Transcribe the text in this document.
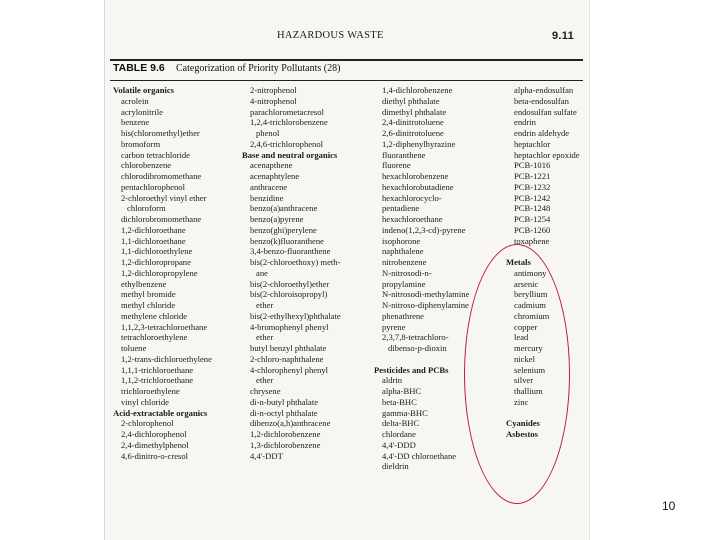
HAZARDOUS WASTE	9.11
TABLE 9.6 Categorization of Priority Pollutants (28)
Volatile organics
acrolein
acrylonitrile
benzene
bis(chloromethyl)ether
bromoform
carbon tetrachloride
chlorobenzene
chlorodibromomethane
pentachlorophenol
2-chloroethyl vinyl ether
chloroform
dichlorobromomethane
1,2-dichloroethane
1,1-dichloroethane
1,1-dichloroethylene
1,2-dichloropropane
1,2-dichloropropylene
ethylbenzene
methyl bromide
methyl chloride
methylene chloride
1,1,2,3-tetrachloroethane
tetrachloroethylene
toluene
1,2-trans-dichloroethylene
1,1,1-trichloroethane
1,1,2-trichloroethane
trichloroethylene
vinyl chloride
Acid-extractable organics
2-chlorophenol
2,4-dichlorophenol
2,4-dimethylphenol
4,6-dinitro-o-cresol
2-nitrophenol
4-nitrophenol
parachlorometacresol
1,2,4-trichlorobenzene
phenol
2,4,6-trichlorophenol
Base and neutral organics
acenapthene
acenaphtylene
anthracene
benzidine
benzo(a)anthracene
benzo(a)pyrene
benzo(ghi)perylene
benzo(k)fluoranthene
3,4-benzo-fluoranthene
bis(2-chloroethoxy) meth-
ane
bis(2-chloroethyl)ether
bis(2-chloroisopropyl)
ether
bis(2-ethylhexyl)phthalate
4-bromophenyl phenyl
ether
butyl benzyl phthalate
2-chloro-naphthalene
4-chlorophenyl phenyl
ether
chrysene
di-n-butyl phthalate
di-n-octyl phthalate
dibenzo(a,h)anthracene
1,2-dichlorobenzene
1,3-dichlorobenzene
4,4'-DDT
1,4-dichlorobenzene
diethyl phthalate
dimethyl phthalate
2,4-dinitrotoluene
2,6-dinitrotoluene
1,2-diphenylhyrazine
fluoranthene
fluorene
hexachlorobenzene
hexachlorobutadiene
hexachlorocyclo-
pentadiene
hexachloroethane
indeno(1,2,3-cd)-pyrene
isophorone
naphthalene
nitrobenzene
N-nitrosodi-n-
propylamine
N-nitrosodi-methylamine
N-nitroso-diphenylamine
phenathrene
pyrene
2,3,7,8-tetrachloro-
dibenso-p-dioxin
Pesticides and PCBs
aldrin
alpha-BHC
beta-BHC
gamma-BHC
delta-BHC
chlordane
4,4'-DDD
4,4'-DD chloroethane
dieldrin
alpha-endosulfan
beta-endosulfan
endosulfan sulfate
endrin
endrin aldehyde
heptachlor
heptachlor epoxide
PCB-1016
PCB-1221
PCB-1232
PCB-1242
PCB-1248
PCB-1254
PCB-1260
toxaphene
Metals
antimony
arsenic
beryllium
cadmium
chromium
copper
lead
mercury
nickel
selenium
silver
thallium
zinc
Cyanides
Asbestos
10
